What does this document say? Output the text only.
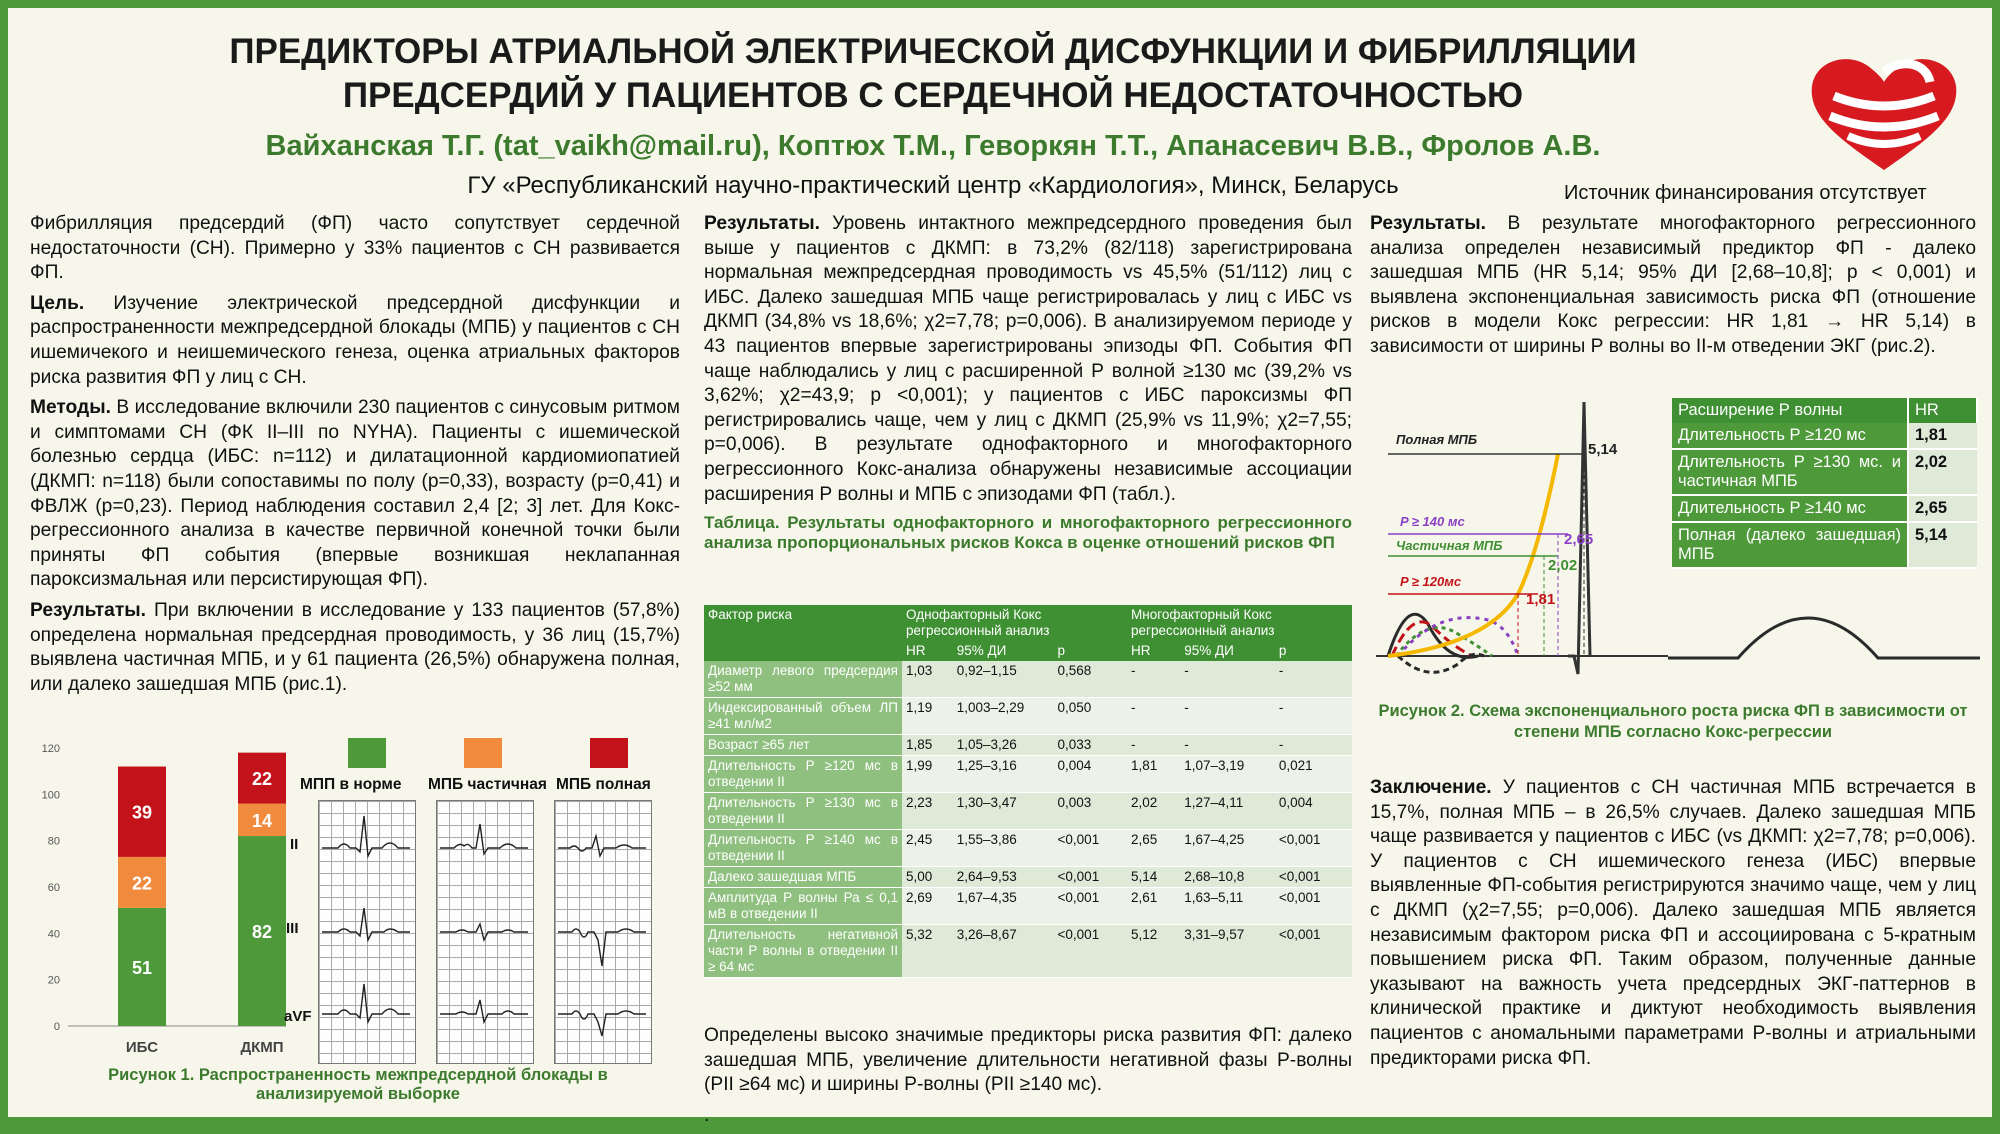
ПРЕДИКТОРЫ АТРИАЛЬНОЙ ЭЛЕКТРИЧЕСКОЙ ДИСФУНКЦИИ И ФИБРИЛЛЯЦИИ
ПРЕДСЕРДИЙ У ПАЦИЕНТОВ С СЕРДЕЧНОЙ НЕДОСТАТОЧНОСТЬЮ
Вайханская Т.Г. (tat_vaikh@mail.ru), Коптюх Т.М., Геворкян Т.Т., Апанасевич В.В., Фролов А.В.
ГУ «Республиканский научно-практический центр «Кардиология», Минск, Беларусь	Источник финансирования отсутствует

Фибрилляция предсердий (ФП) часто сопутствует сердечной недостаточности (СН). Примерно у 33% пациентов с СН развивается ФП.

Цель. Изучение электрической предсердной дисфункции и распространенности межпредсердной блокады (МПБ) у пациентов с СН ишемичекого и неишемического генеза, оценка атриальных факторов риска развития ФП у лиц с СН.

Методы. В исследование включили 230 пациентов с синусовым ритмом и симптомами СН (ФК II–III по NYHA). Пациенты с ишемической болезнью сердца (ИБС: n=112) и дилатационной кардиомиопатией (ДКМП: n=118) были сопоставимы по полу (p=0,33), возрасту (p=0,41) и ФВЛЖ (p=0,23). Период наблюдения составил 2,4 [2; 3] лет. Для Кокс-регрессионного анализа в качестве первичной конечной точки были приняты ФП события (впервые возникшая неклапанная пароксизмальная или персистирующая ФП).

Результаты. При включении в исследование у 133 пациентов (57,8%) определена нормальная предсердная проводимость, у 36 лиц (15,7%) выявлена частичная МПБ, и у 61 пациента (26,5%) обнаружена полная, или далеко зашедшая МПБ (рис.1).

0
20
40
60
80
100
120
51
22
39
ИБС
82
14
22
ДКМП
МПП в норме МПБ частичная МПБ полная
II
III
aVF
Рисунок 1. Распространенность межпредсердной блокады в
анализируемой выборке

Результаты. Уровень интактного межпредсердного проведения был выше у пациентов с ДКМП: в 73,2% (82/118) зарегистрирована нормальная межпредсердная проводимость vs 45,5% (51/112) лиц с ИБС. Далеко зашедшая МПБ чаще регистрировалась у лиц с ИБС vs ДКМП (34,8% vs 18,6%; χ2=7,78; p=0,006). В анализируемом периоде у 43 пациентов впервые зарегистрированы эпизоды ФП. События ФП чаще наблюдались у лиц с расширенной Р волной ≥130 мс (39,2% vs 3,62%; χ2=43,9; р <0,001); у пациентов с ИБС пароксизмы ФП регистрировались чаще, чем у лиц с ДКМП (25,9% vs 11,9%; χ2=7,55; p=0,006). В результате однофакторного и многофакторного регрессионного Кокс-анализа обнаружены независимые ассоциации расширения Р волны и МПБ с эпизодами ФП (табл.).

Таблица. Результаты однофакторного и многофакторного регрессионного анализа пропорциональных рисков Кокса в оценке отношений рисков ФП

Фактор риска	Однофакторный Кокс регрессионный анализ			Многофакторный Кокс регрессионный анализ		
	HR	95% ДИ	p	HR	95% ДИ	p
Диаметр левого предсердия ≥52 мм	1,03	0,92–1,15	0,568	-	-	-
Индексированный объем ЛП ≥41 мл/м2	1,19	1,003–2,29	0,050	-	-	-
Возраст ≥65 лет	1,85	1,05–3,26	0,033	-	-	-
Длительность Р ≥120 мс в отведении II	1,99	1,25–3,16	0,004	1,81	1,07–3,19	0,021
Длительность Р ≥130 мс в отведении II	2,23	1,30–3,47	0,003	2,02	1,27–4,11	0,004
Длительность Р ≥140 мс в отведении II	2,45	1,55–3,86	<0,001	2,65	1,67–4,25	<0,001
Далеко зашедшая МПБ	5,00	2,64–9,53	<0,001	5,14	2,68–10,8	<0,001
Амплитуда Р волны Ра ≤ 0,1 мВ в отведении II	2,69	1,67–4,35	<0,001	2,61	1,63–5,11	<0,001
Длительность негативной части Р волны в отведении II ≥ 64 мс	5,32	3,26–8,67	<0,001	5,12	3,31–9,57	<0,001

Определены высоко значимые предикторы риска развития ФП: далеко зашедшая МПБ, увеличение длительности негативной фазы Р-волны (PII ≥64 мс) и ширины Р-волны (PII ≥140 мс).

.

Результаты. В результате многофакторного регрессионного анализа определен независимый предиктор ФП - далеко зашедшая МПБ (HR 5,14; 95% ДИ [2,68–10,8]; p < 0,001) и выявлена экспоненциальная зависимость риска ФП (отношение рисков в модели Кокс регрессии: HR 1,81 → HR 5,14) в зависимости от ширины Р волны во II-м отведении ЭКГ (рис.2).

Полная МПБ
P ≥ 140 мс
Частичная МПБ
P ≥ 120мс
5,14
2,65
2,02
1,81
Расширение Р волны	HR
Длительность Р ≥120 мс	1,81
Длительность Р ≥130 мс. и частичная МПБ	2,02
Длительность Р ≥140 мс	2,65
Полная (далеко зашедшая) МПБ	5,14
Рисунок 2. Схема экспоненциального роста риска ФП в зависимости от степени МПБ согласно Кокс-регрессии

Заключение. У пациентов с СН частичная МПБ встречается в 15,7%, полная МПБ – в 26,5% случаев. Далеко зашедшая МПБ чаще развивается у пациентов с ИБС (vs ДКМП: χ2=7,78; p=0,006). У пациентов с СН ишемического генеза (ИБС) впервые выявленные ФП-события регистрируются значимо чаще, чем у лиц с ДКМП (χ2=7,55; p=0,006). Далеко зашедшая МПБ является независимым фактором риска ФП и ассоциирована с 5-кратным повышением риска ФП. Таким образом, полученные данные указывают на важность учета предсердных ЭКГ-паттернов в клинической практике и диктуют необходимость выявления пациентов с аномальными параметрами Р-волны и атриальными предикторами риска ФП.
